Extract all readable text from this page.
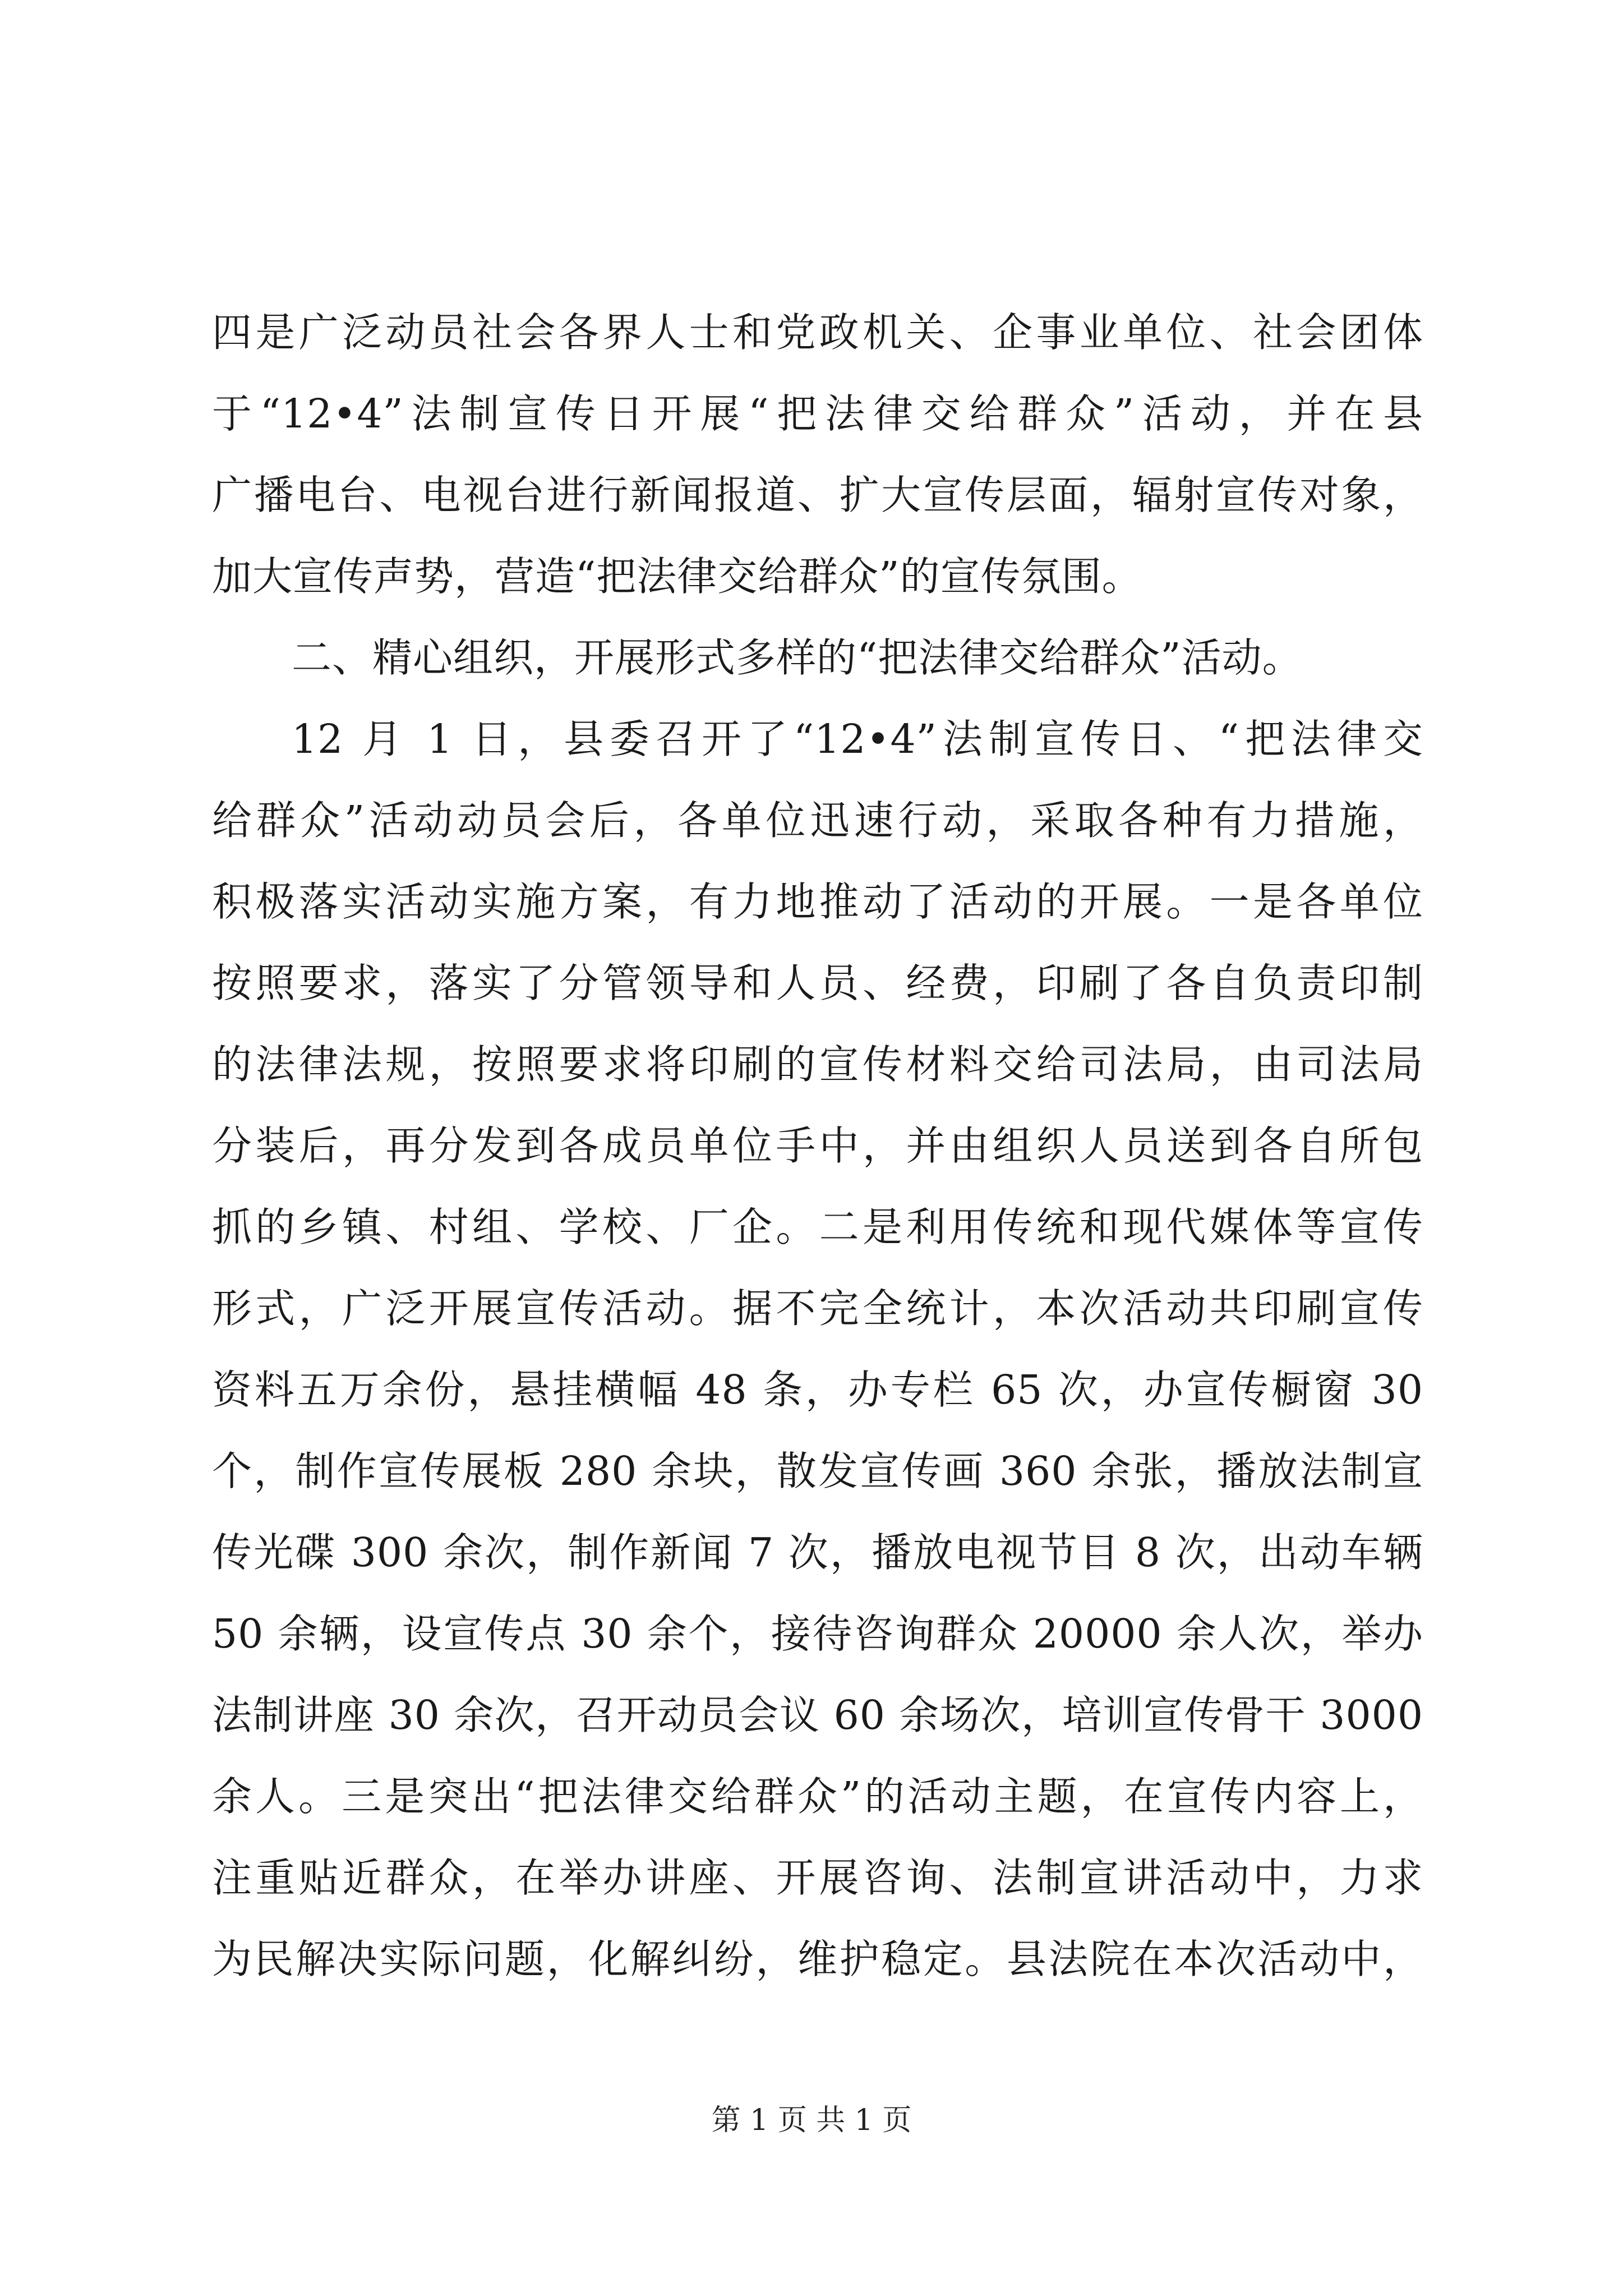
四是广泛动员社会各界人士和党政机关、企事业单位、社会团体
于“12•4”法制宣传日开展“把法律交给群众”活动，并在县
广播电台、电视台进行新闻报道、扩大宣传层面，辐射宣传对象，
加大宣传声势，营造“把法律交给群众”的宣传氛围。
二、精心组织，开展形式多样的“把法律交给群众”活动。
12 月 1 日，县委召开了“12•4”法制宣传日、“把法律交
给群众”活动动员会后，各单位迅速行动，采取各种有力措施，
积极落实活动实施方案，有力地推动了活动的开展。一是各单位
按照要求，落实了分管领导和人员、经费，印刷了各自负责印制
的法律法规，按照要求将印刷的宣传材料交给司法局，由司法局
分装后，再分发到各成员单位手中，并由组织人员送到各自所包
抓的乡镇、村组、学校、厂企。二是利用传统和现代媒体等宣传
形式，广泛开展宣传活动。据不完全统计，本次活动共印刷宣传
资料五万余份，悬挂横幅 48 条，办专栏 65 次，办宣传橱窗 30
个，制作宣传展板 280 余块，散发宣传画 360 余张，播放法制宣
传光碟 300 余次，制作新闻 7 次，播放电视节目 8 次，出动车辆
50 余辆，设宣传点 30 余个，接待咨询群众 20000 余人次，举办
法制讲座 30 余次，召开动员会议 60 余场次，培训宣传骨干 3000
余人。三是突出“把法律交给群众”的活动主题，在宣传内容上，
注重贴近群众，在举办讲座、开展咨询、法制宣讲活动中，力求
为民解决实际问题，化解纠纷，维护稳定。县法院在本次活动中，
第 1 页 共 1 页
